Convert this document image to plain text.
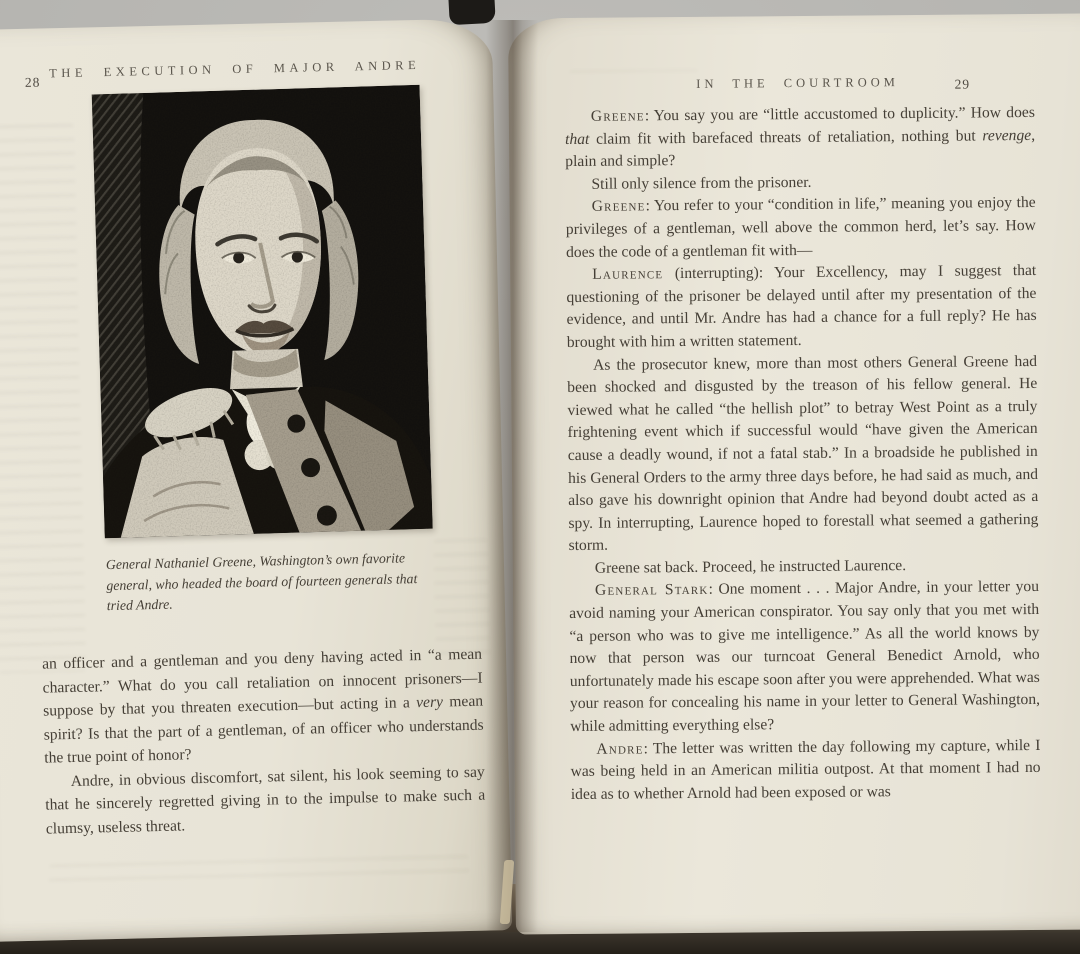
28
THE EXECUTION OF MAJOR ANDRE
General Nathaniel Greene, Washington’s own favorite general, who headed the board of fourteen generals that tried Andre.

an officer and a gentleman and you deny having acted in “a mean character.” What do you call retaliation on innocent prisoners—I suppose by that you threaten execution—but acting in a very mean spirit? Is that the part of a gentleman, of an officer who understands the true point of honor?

Andre, in obvious discomfort, sat silent, his look seeming to say that he sincerely regretted giving in to the impulse to make such a clumsy, useless threat.

IN THE COURTROOM	29

Greene: You say you are “little accustomed to duplicity.” How does that claim fit with barefaced threats of retaliation, nothing but revenge, plain and simple?

Still only silence from the prisoner.

Greene: You refer to your “condition in life,” meaning you enjoy the privileges of a gentleman, well above the common herd, let’s say. How does the code of a gentleman fit with—

Laurence (interrupting): Your Excellency, may I suggest that questioning of the prisoner be delayed until after my presentation of the evidence, and until Mr. Andre has had a chance for a full reply? He has brought with him a written statement.

As the prosecutor knew, more than most others General Greene had been shocked and disgusted by the treason of his fellow general. He viewed what he called “the hellish plot” to betray West Point as a truly frightening event which if successful would “have given the American cause a deadly wound, if not a fatal stab.” In a broadside he published in his General Orders to the army three days before, he had said as much, and also gave his downright opinion that Andre had beyond doubt acted as a spy. In interrupting, Laurence hoped to forestall what seemed a gathering storm.

Greene sat back. Proceed, he instructed Laurence.

General Stark: One moment . . . Major Andre, in your letter you avoid naming your American conspirator. You say only that you met with “a person who was to give me intelligence.” As all the world knows by now that person was our turncoat General Benedict Arnold, who unfortunately made his escape soon after you were apprehended. What was your reason for concealing his name in your letter to General Washington, while admitting everything else?

Andre: The letter was written the day following my capture, while I was being held in an American militia outpost. At that moment I had no idea as to whether Arnold had been exposed or was
